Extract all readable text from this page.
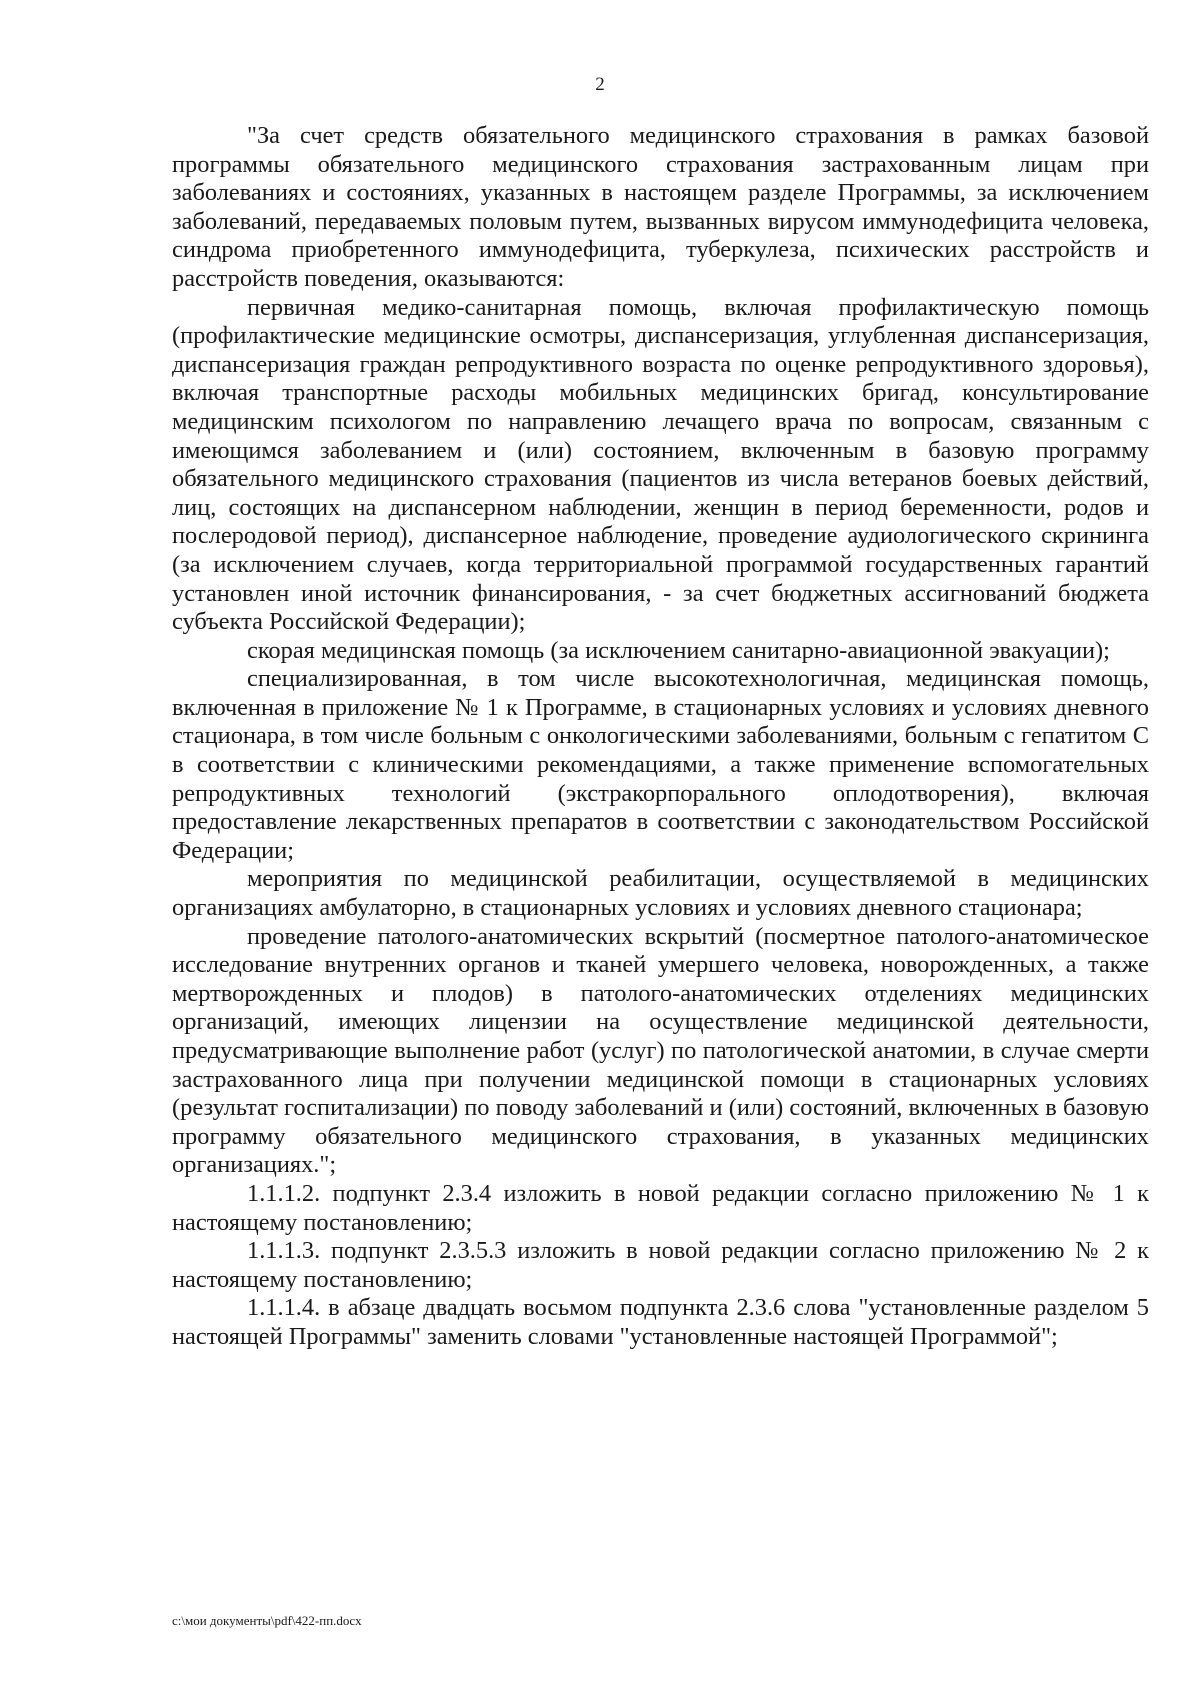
2

"За счет средств обязательного медицинского страхования в рамках базовой программы обязательного медицинского страхования застрахованным лицам при заболеваниях и состояниях, указанных в настоящем разделе Программы, за исключением заболеваний, передаваемых половым путем, вызванных вирусом иммунодефицита человека, синдрома приобретенного иммунодефицита, туберкулеза, психических расстройств и расстройств поведения, оказываются:

первичная медико-санитарная помощь, включая профилактическую помощь (профилактические медицинские осмотры, диспансеризация, углубленная диспансеризация, диспансеризация граждан репродуктивного возраста по оценке репродуктивного здоровья), включая транспортные расходы мобильных медицинских бригад, консультирование медицинским психологом по направлению лечащего врача по вопросам, связанным с имеющимся заболеванием и (или) состоянием, включенным в базовую программу обязательного медицинского страхования (пациентов из числа ветеранов боевых действий, лиц, состоящих на диспансерном наблюдении, женщин в период беременности, родов и послеродовой период), диспансерное наблюдение, проведение аудиологического скрининга (за исключением случаев, когда территориальной программой государственных гарантий установлен иной источник финансирования, - за счет бюджетных ассигнований бюджета субъекта Российской Федерации);

скорая медицинская помощь (за исключением санитарно-авиационной эвакуации);

специализированная, в том числе высокотехнологичная, медицинская помощь, включенная в приложение № 1 к Программе, в стационарных условиях и условиях дневного стационара, в том числе больным с онкологическими заболеваниями, больным с гепатитом С в соответствии с клиническими рекомендациями, а также применение вспомогательных репродуктивных технологий (экстракорпорального оплодотворения), включая предоставление лекарственных препаратов в соответствии с законодательством Российской Федерации;

мероприятия по медицинской реабилитации, осуществляемой в медицинских организациях амбулаторно, в стационарных условиях и условиях дневного стационара;

проведение патолого-анатомических вскрытий (посмертное патолого-анатомическое исследование внутренних органов и тканей умершего человека, новорожденных, а также мертворожденных и плодов) в патолого-анатомических отделениях медицинских организаций, имеющих лицензии на осуществление медицинской деятельности, предусматривающие выполнение работ (услуг) по патологической анатомии, в случае смерти застрахованного лица при получении медицинской помощи в стационарных условиях (результат госпитализации) по поводу заболеваний и (или) состояний, включенных в базовую программу обязательного медицинского страхования, в указанных медицинских организациях.";

1.1.1.2. подпункт 2.3.4 изложить в новой редакции согласно приложению № 1 к настоящему постановлению;

1.1.1.3. подпункт 2.3.5.3 изложить в новой редакции согласно приложению № 2 к настоящему постановлению;

1.1.1.4. в абзаце двадцать восьмом подпункта 2.3.6 слова "установленные разделом 5 настоящей Программы" заменить словами "установленные настоящей Программой";

c:\мои документы\pdf\422-пп.docx
